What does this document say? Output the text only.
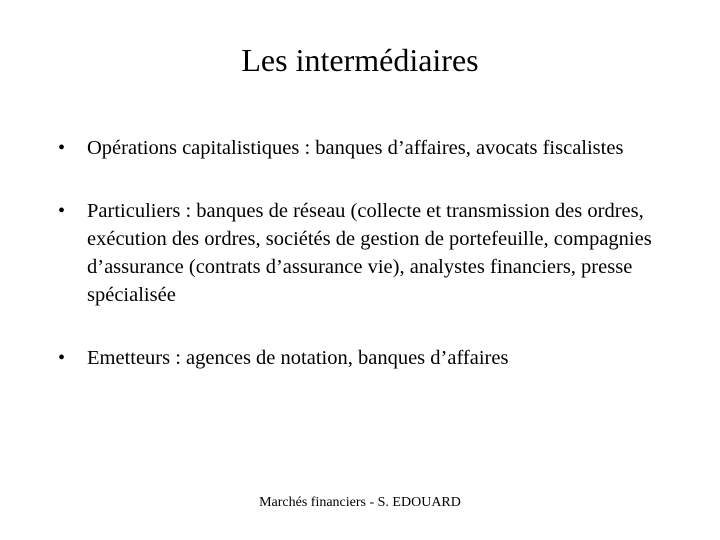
Les intermédiaires
• Opérations capitalistiques : banques d’affaires, avocats fiscalistes
• Particuliers : banques de réseau (collecte et transmission des ordres, exécution des ordres, sociétés de gestion de portefeuille, compagnies d’assurance (contrats d’assurance vie), analystes financiers, presse spécialisée
• Emetteurs : agences de notation, banques d’affaires
Marchés financiers - S. EDOUARD
